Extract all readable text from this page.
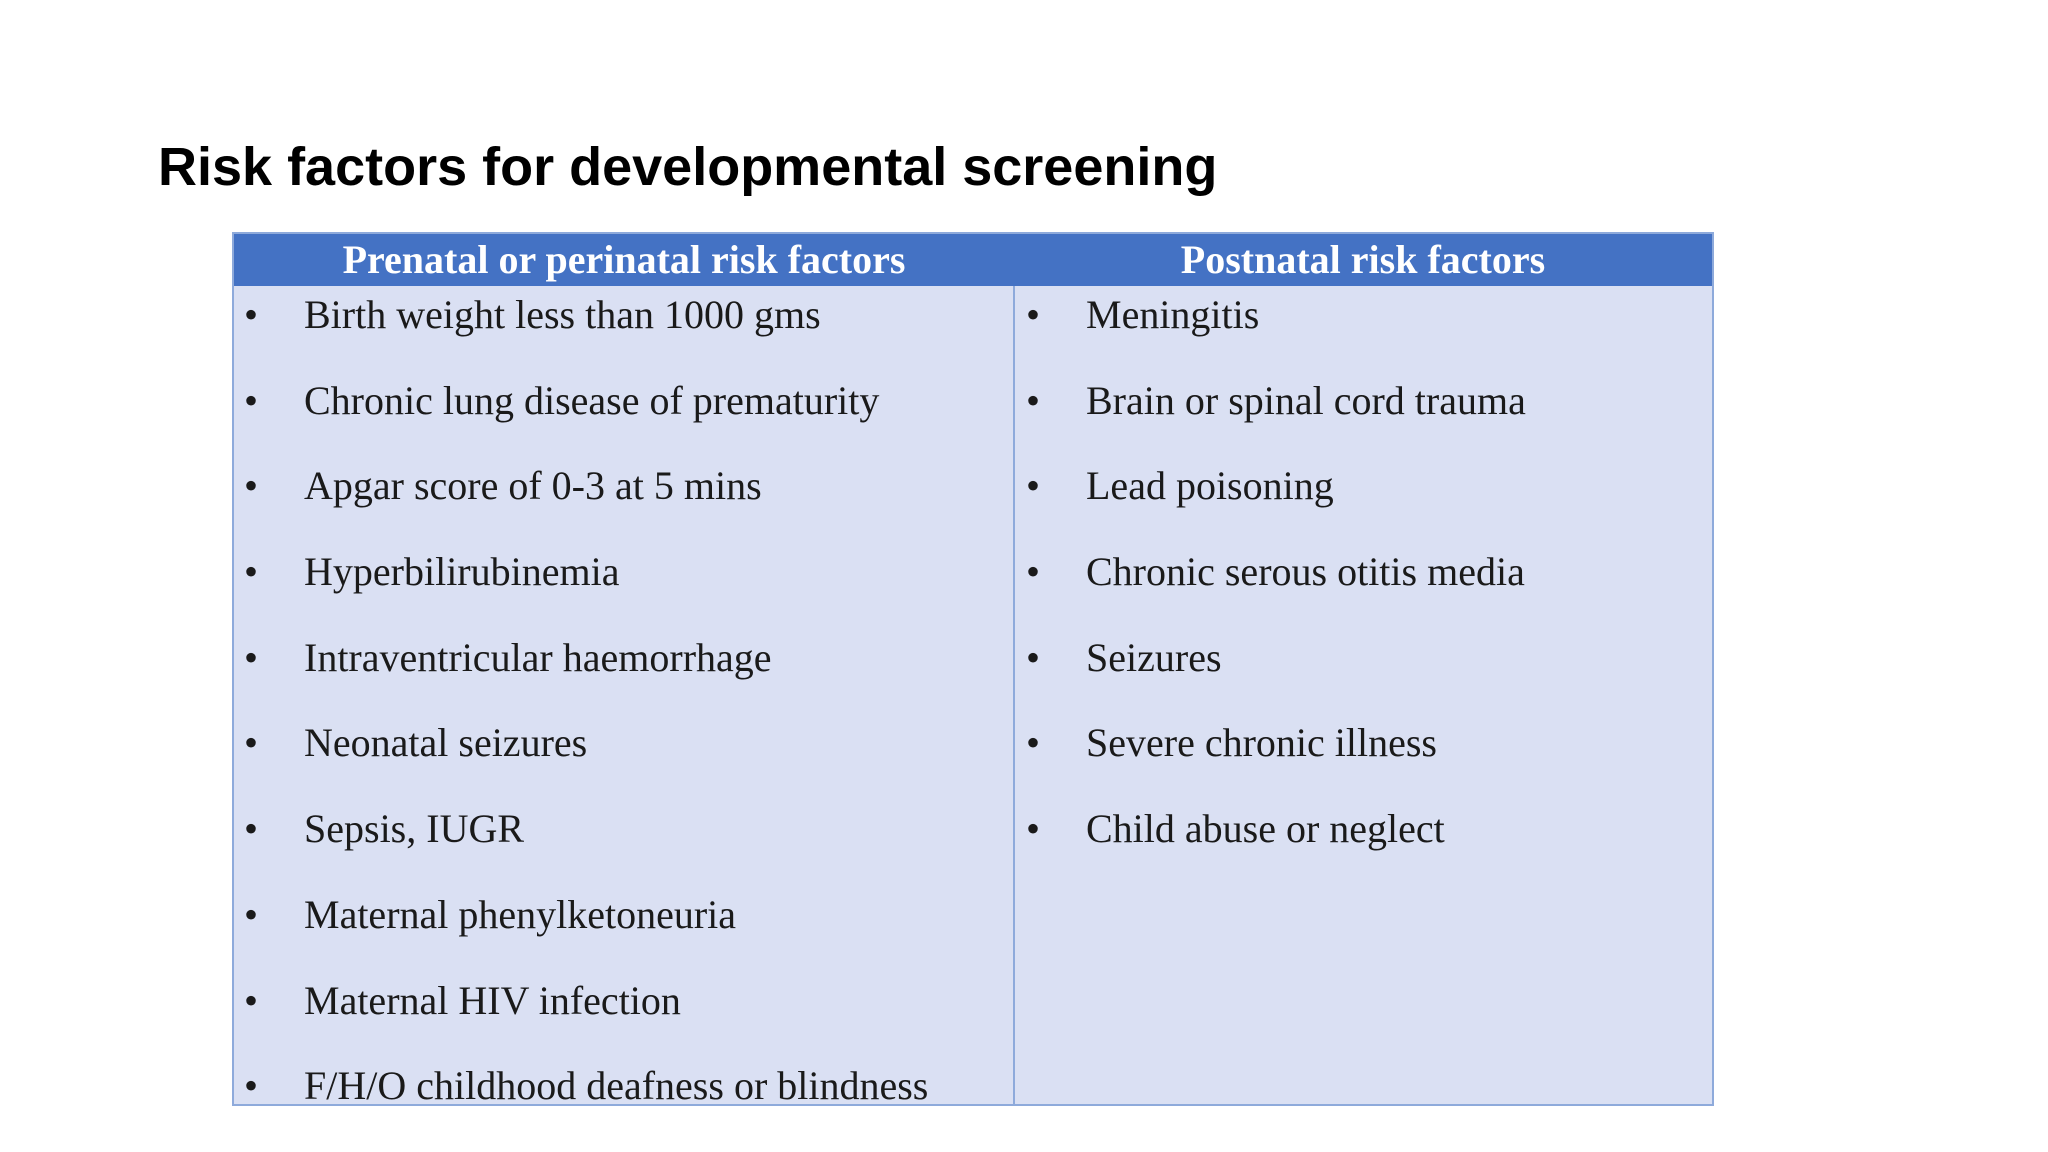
Risk factors for developmental screening
Prenatal or perinatal risk factors	Postnatal risk factors
• Birth weight less than 1000 gms
• Chronic lung disease of prematurity
• Apgar score of 0-3 at 5 mins
• Hyperbilirubinemia
• Intraventricular haemorrhage
• Neonatal seizures
• Sepsis, IUGR
• Maternal phenylketoneuria
• Maternal HIV infection
• F/H/O childhood deafness or blindness
• Meningitis
• Brain or spinal cord trauma
• Lead poisoning
• Chronic serous otitis media
• Seizures
• Severe chronic illness
• Child abuse or neglect
